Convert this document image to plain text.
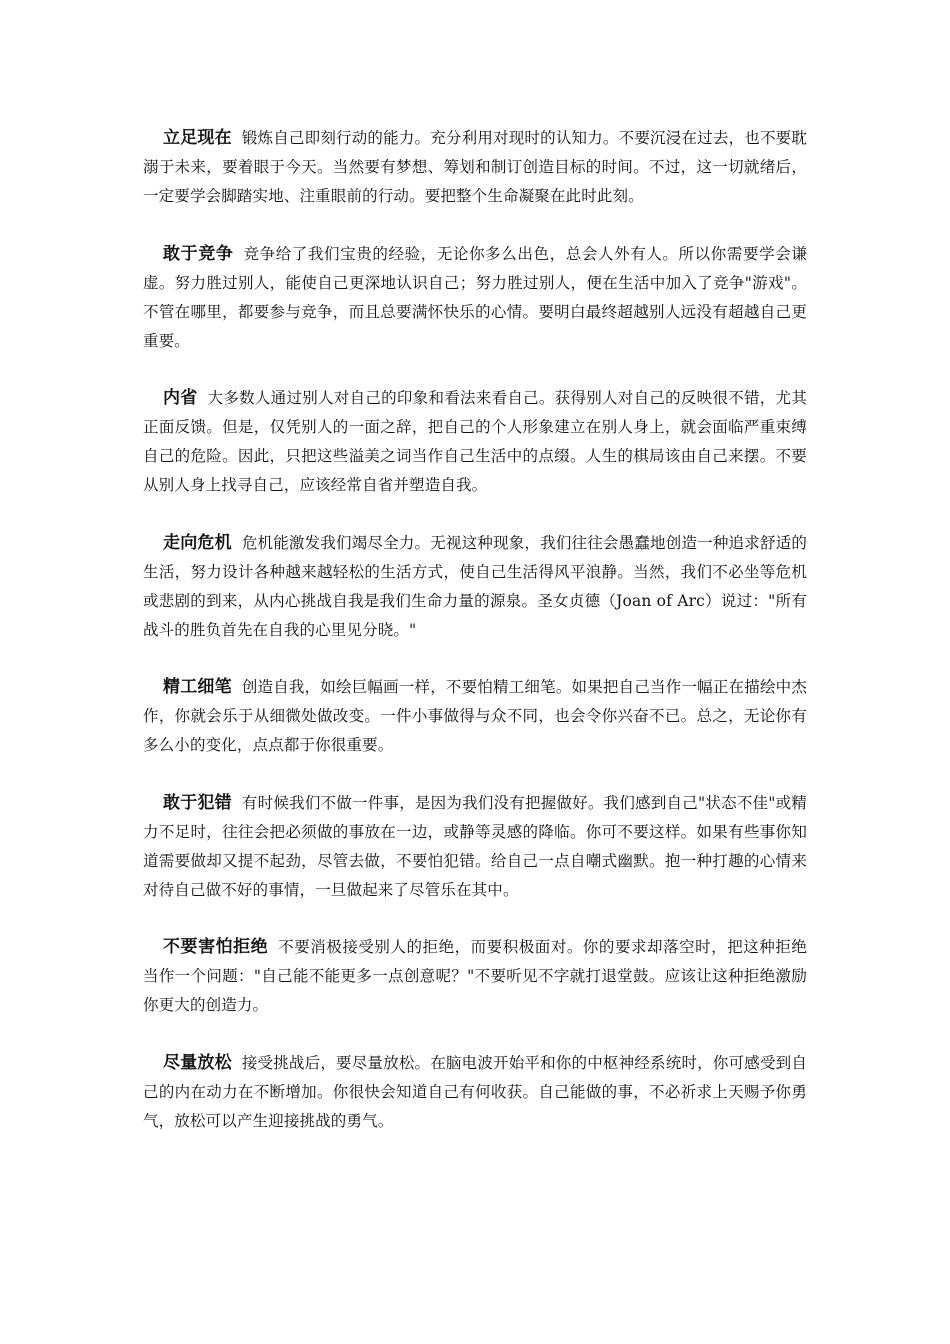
立足现在 锻炼自己即刻行动的能力。充分利用对现时的认知力。不要沉浸在过去，也不要耽溺于未来，要着眼于今天。当然要有梦想、筹划和制订创造目标的时间。不过，这一切就绪后，一定要学会脚踏实地、注重眼前的行动。要把整个生命凝聚在此时此刻。

敢于竞争 竞争给了我们宝贵的经验，无论你多么出色，总会人外有人。所以你需要学会谦虚。努力胜过别人，能使自己更深地认识自己；努力胜过别人，便在生活中加入了竞争"游戏"。不管在哪里，都要参与竞争，而且总要满怀快乐的心情。要明白最终超越别人远没有超越自己更重要。

内省 大多数人通过别人对自己的印象和看法来看自己。获得别人对自己的反映很不错，尤其正面反馈。但是，仅凭别人的一面之辞，把自己的个人形象建立在别人身上，就会面临严重束缚自己的危险。因此，只把这些溢美之词当作自己生活中的点缀。人生的棋局该由自己来摆。不要从别人身上找寻自己，应该经常自省并塑造自我。

走向危机 危机能激发我们竭尽全力。无视这种现象，我们往往会愚蠢地创造一种追求舒适的生活，努力设计各种越来越轻松的生活方式，使自己生活得风平浪静。当然，我们不必坐等危机或悲剧的到来，从内心挑战自我是我们生命力量的源泉。圣女贞德（Joan of Arc）说过："所有战斗的胜负首先在自我的心里见分晓。"

精工细笔 创造自我，如绘巨幅画一样，不要怕精工细笔。如果把自己当作一幅正在描绘中杰作，你就会乐于从细微处做改变。一件小事做得与众不同，也会令你兴奋不已。总之，无论你有多么小的变化，点点都于你很重要。

敢于犯错 有时候我们不做一件事，是因为我们没有把握做好。我们感到自己"状态不佳"或精力不足时，往往会把必须做的事放在一边，或静等灵感的降临。你可不要这样。如果有些事你知道需要做却又提不起劲，尽管去做，不要怕犯错。给自己一点自嘲式幽默。抱一种打趣的心情来对待自己做不好的事情，一旦做起来了尽管乐在其中。

不要害怕拒绝 不要消极接受别人的拒绝，而要积极面对。你的要求却落空时，把这种拒绝当作一个问题："自己能不能更多一点创意呢？"不要听见不字就打退堂鼓。应该让这种拒绝激励你更大的创造力。

尽量放松 接受挑战后，要尽量放松。在脑电波开始平和你的中枢神经系统时，你可感受到自己的内在动力在不断增加。你很快会知道自己有何收获。自己能做的事，不必祈求上天赐予你勇气，放松可以产生迎接挑战的勇气。
